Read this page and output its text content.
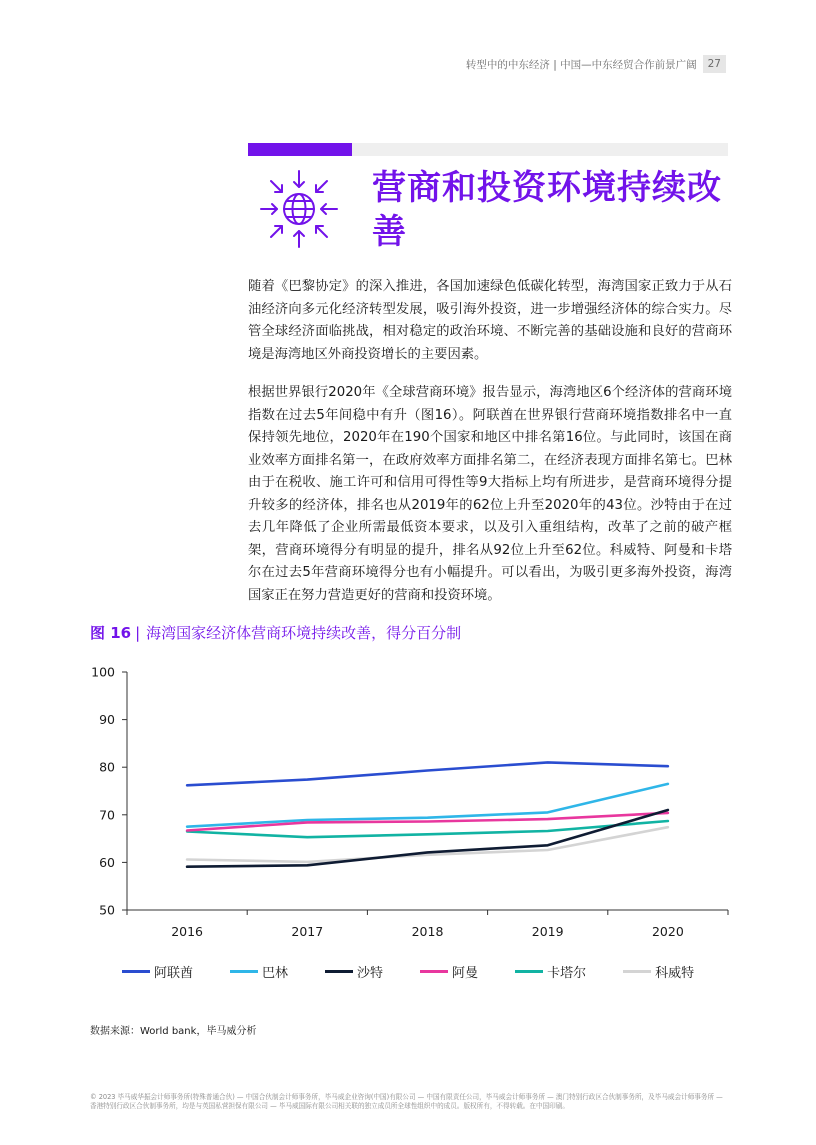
转型中的中东经济 | 中国—中东经贸合作前景广阔	27
营商和投资环境持续改善

随着《巴黎协定》的深入推进，各国加速绿色低碳化转型，海湾国家正致力于从石油经济向多元化经济转型发展，吸引海外投资，进一步增强经济体的综合实力。尽管全球经济面临挑战，相对稳定的政治环境、不断完善的基础设施和良好的营商环境是海湾地区外商投资增长的主要因素。

根据世界银行2020年《全球营商环境》报告显示，海湾地区6个经济体的营商环境指数在过去5年间稳中有升（图16）。阿联酋在世界银行营商环境指数排名中一直保持领先地位，2020年在190个国家和地区中排名第16位。与此同时，该国在商业效率方面排名第一，在政府效率方面排名第二，在经济表现方面排名第七。巴林由于在税收、施工许可和信用可得性等9大指标上均有所进步，是营商环境得分提升较多的经济体，排名也从2019年的62位上升至2020年的43位。沙特由于在过去几年降低了企业所需最低资本要求，以及引入重组结构，改革了之前的破产框架，营商环境得分有明显的提升，排名从92位上升至62位。科威特、阿曼和卡塔尔在过去5年营商环境得分也有小幅提升。可以看出，为吸引更多海外投资，海湾国家正在努力营造更好的营商和投资环境。

图 16 | 海湾国家经济体营商环境持续改善，得分百分制
50
60
70
80
90
100
2016	2017	2018	2019	2020
阿联酋	巴林	沙特	阿曼	卡塔尔	科威特
数据来源：World bank，毕马威分析
© 2023 毕马威华振会计师事务所(特殊普通合伙) — 中国合伙制会计师事务所，毕马威企业咨询(中国)有限公司 — 中国有限责任公司，毕马威会计师事务所 — 澳门特别行政区合伙制事务所，及毕马威会计师事务所 — 香港特别行政区合伙制事务所，均是与英国私营担保有限公司 — 毕马威国际有限公司相关联的独立成员所全球性组织中的成员。版权所有，不得转载。在中国印刷。
